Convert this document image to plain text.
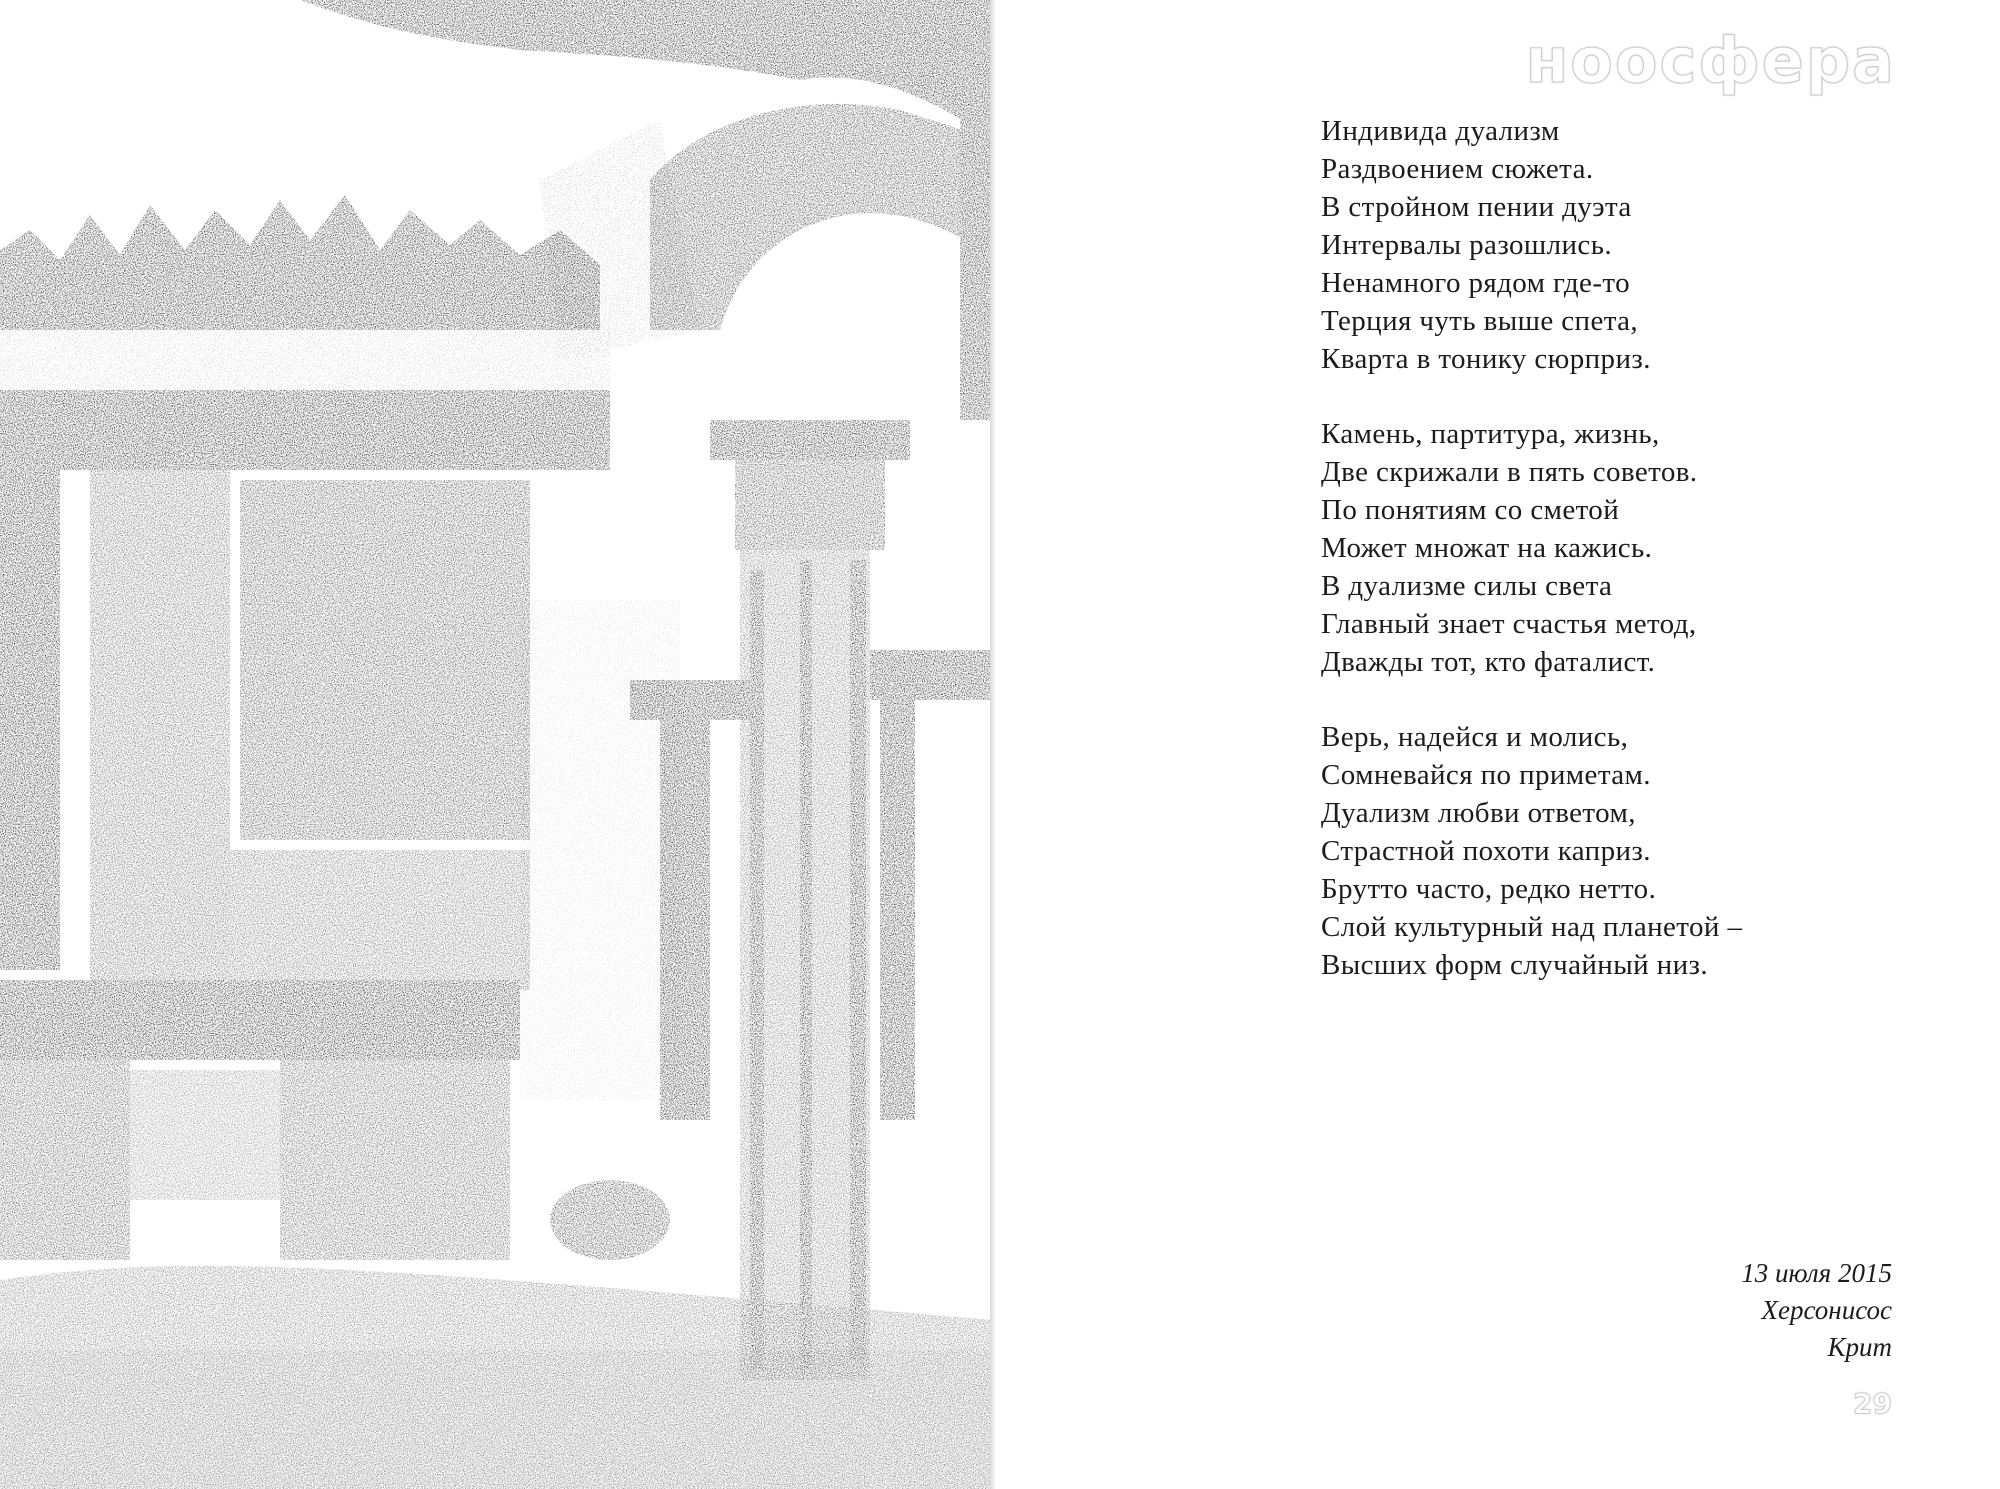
ноосфера
Индивида дуализм
Раздвоением сюжета.
В стройном пении дуэта
Интервалы разошлись.
Ненамного рядом где-то
Терция чуть выше спета,
Кварта в тонику сюрприз.
Камень, партитура, жизнь,
Две скрижали в пять советов.
По понятиям со сметой
Может множат на кажись.
В дуализме силы света
Главный знает счастья метод,
Дважды тот, кто фаталист.
Верь, надейся и молись,
Сомневайся по приметам.
Дуализм любви ответом,
Страстной похоти каприз.
Брутто часто, редко нетто.
Слой культурный над планетой –
Высших форм случайный низ.
13 июля 2015
Херсонисос
Крит
29
